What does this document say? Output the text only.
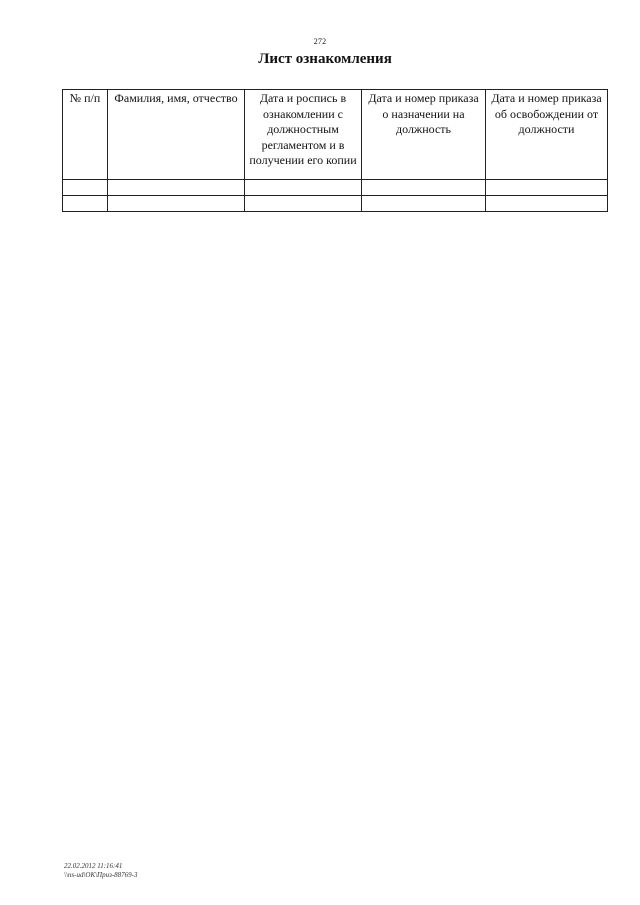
272
Лист ознакомления
№ п/п	Фамилия, имя, отчество	Дата и роспись в ознакомлении с должностным регламентом и в получении его копии	Дата и номер приказа о назначении на должность	Дата и номер приказа об освобождении от должности

22.02.2012 11:16:41
\\ns-ud\ОК\Приз-88769-3
